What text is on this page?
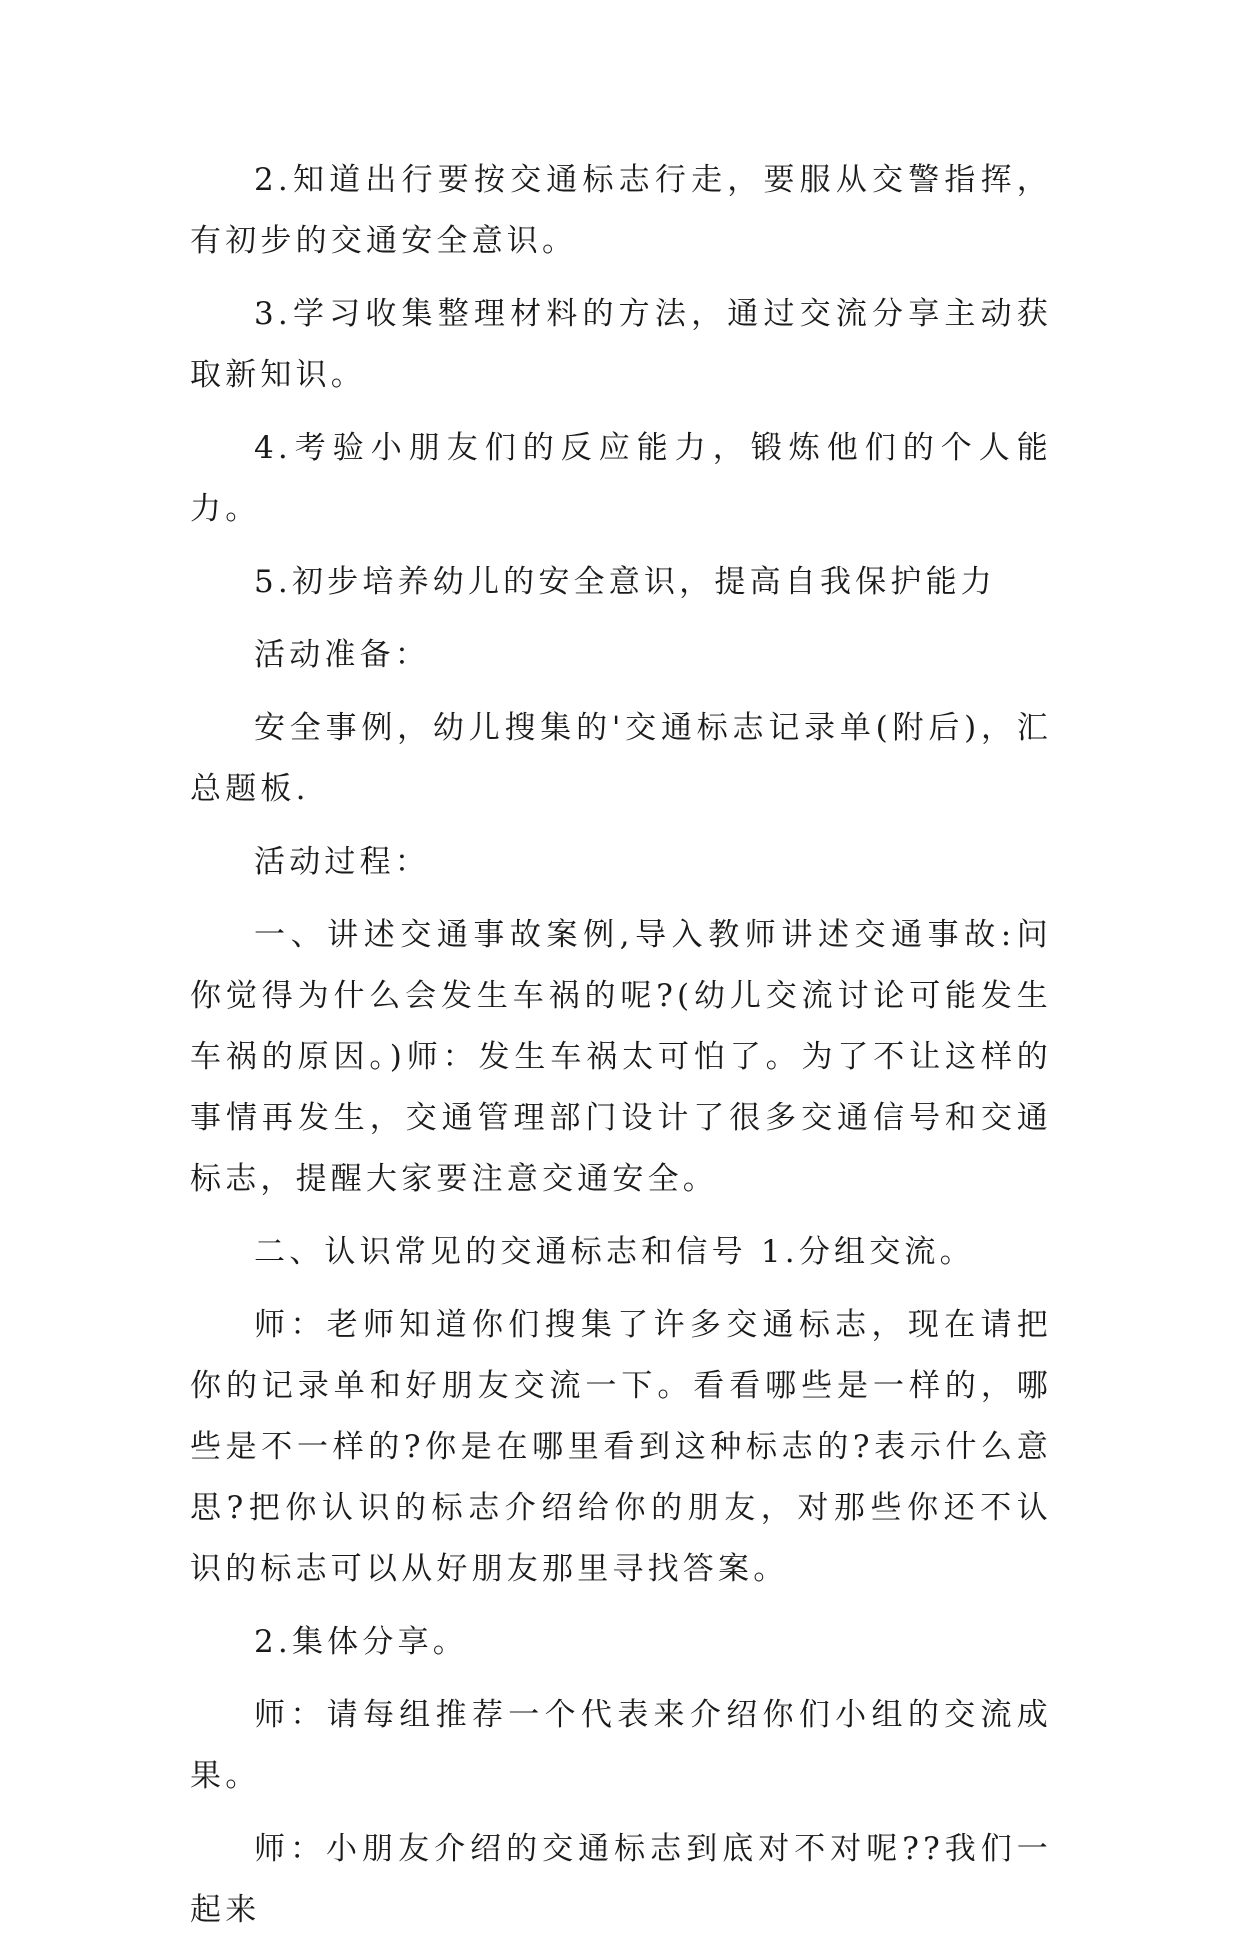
2.知道出行要按交通标志行走，要服从交警指挥，有初步的交通安全意识。

3.学习收集整理材料的方法，通过交流分享主动获取新知识。

4.考验小朋友们的反应能力，锻炼他们的个人能力。

5.初步培养幼儿的安全意识，提高自我保护能力

活动准备：

安全事例，幼儿搜集的'交通标志记录单(附后)，汇总题板.

活动过程：

一、讲述交通事故案例,导入教师讲述交通事故:问你觉得为什么会发生车祸的呢?(幼儿交流讨论可能发生车祸的原因。)师：发生车祸太可怕了。为了不让这样的事情再发生，交通管理部门设计了很多交通信号和交通标志，提醒大家要注意交通安全。

二、认识常见的交通标志和信号 1.分组交流。

师：老师知道你们搜集了许多交通标志，现在请把你的记录单和好朋友交流一下。看看哪些是一样的，哪些是不一样的?你是在哪里看到这种标志的?表示什么意思?把你认识的标志介绍给你的朋友，对那些你还不认识的标志可以从好朋友那里寻找答案。

2.集体分享。

师：请每组推荐一个代表来介绍你们小组的交流成果。

师：小朋友介绍的交通标志到底对不对呢??我们一起来
